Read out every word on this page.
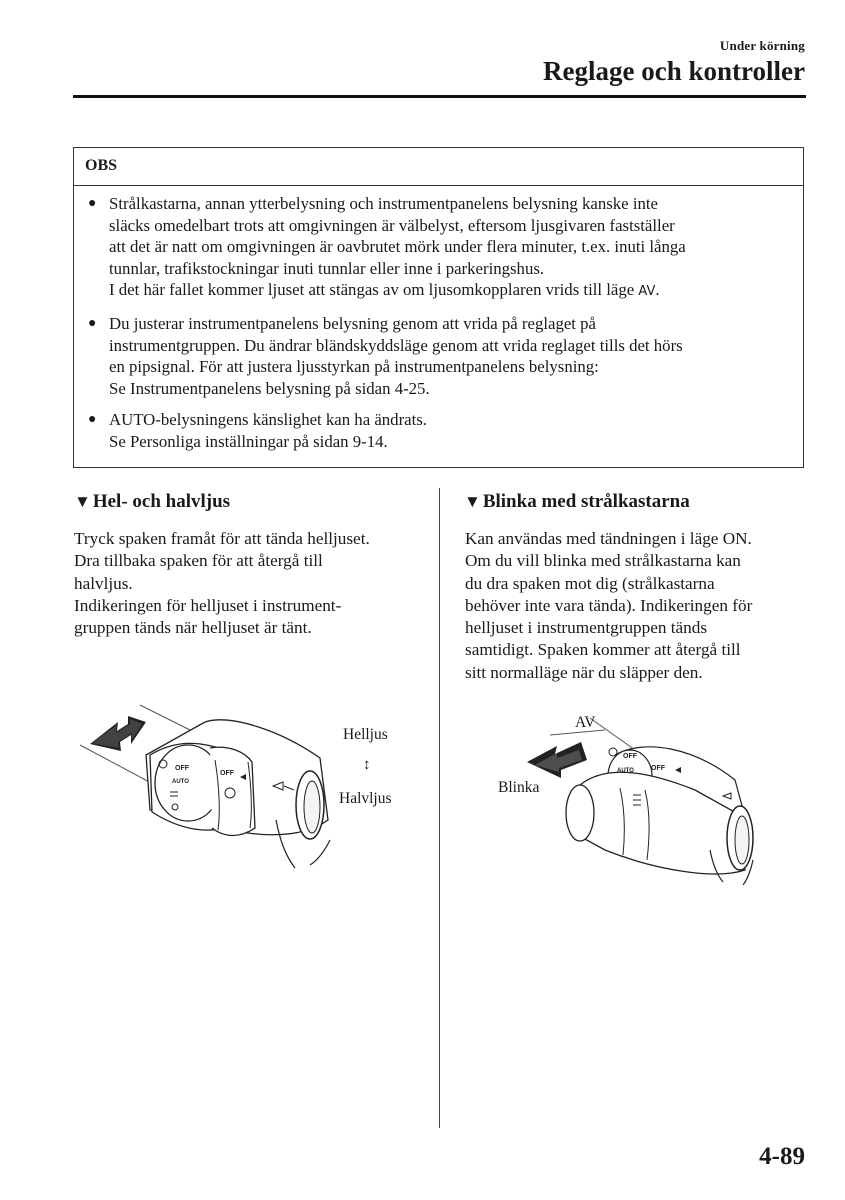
Under körning
Reglage och kontroller
OBS
● Strålkastarna, annan ytterbelysning och instrumentpanelens belysning kanske inte
släcks omedelbart trots att omgivningen är välbelyst, eftersom ljusgivaren fastställer
att det är natt om omgivningen är oavbrutet mörk under flera minuter, t.ex. inuti långa
tunnlar, trafikstockningar inuti tunnlar eller inne i parkeringshus.
I det här fallet kommer ljuset att stängas av om ljusomkopplaren vrids till läge AV.
● Du justerar instrumentpanelens belysning genom att vrida på reglaget på
instrumentgruppen. Du ändrar bländskyddsläge genom att vrida reglaget tills det hörs
en pipsignal. För att justera ljusstyrkan på instrumentpanelens belysning:
Se Instrumentpanelens belysning på sidan 4-25.
● AUTO-belysningens känslighet kan ha ändrats.
Se Personliga inställningar på sidan 9-14.
▼ Hel- och halvljus
Tryck spaken framåt för att tända helljuset.
Dra tillbaka spaken för att återgå till
halvljus.
Indikeringen för helljuset i instrument-
gruppen tänds när helljuset är tänt.
OFF
AUTO
OFF
Helljus
↕
Halvljus
▼ Blinka med strålkastarna
Kan användas med tändningen i läge ON.
Om du vill blinka med strålkastarna kan
du dra spaken mot dig (strålkastarna
behöver inte vara tända). Indikeringen för
helljuset i instrumentgruppen tänds
samtidigt. Spaken kommer att återgå till
sitt normalläge när du släpper den.
OFF
AUTO OFF
AV
Blinka
4-89
